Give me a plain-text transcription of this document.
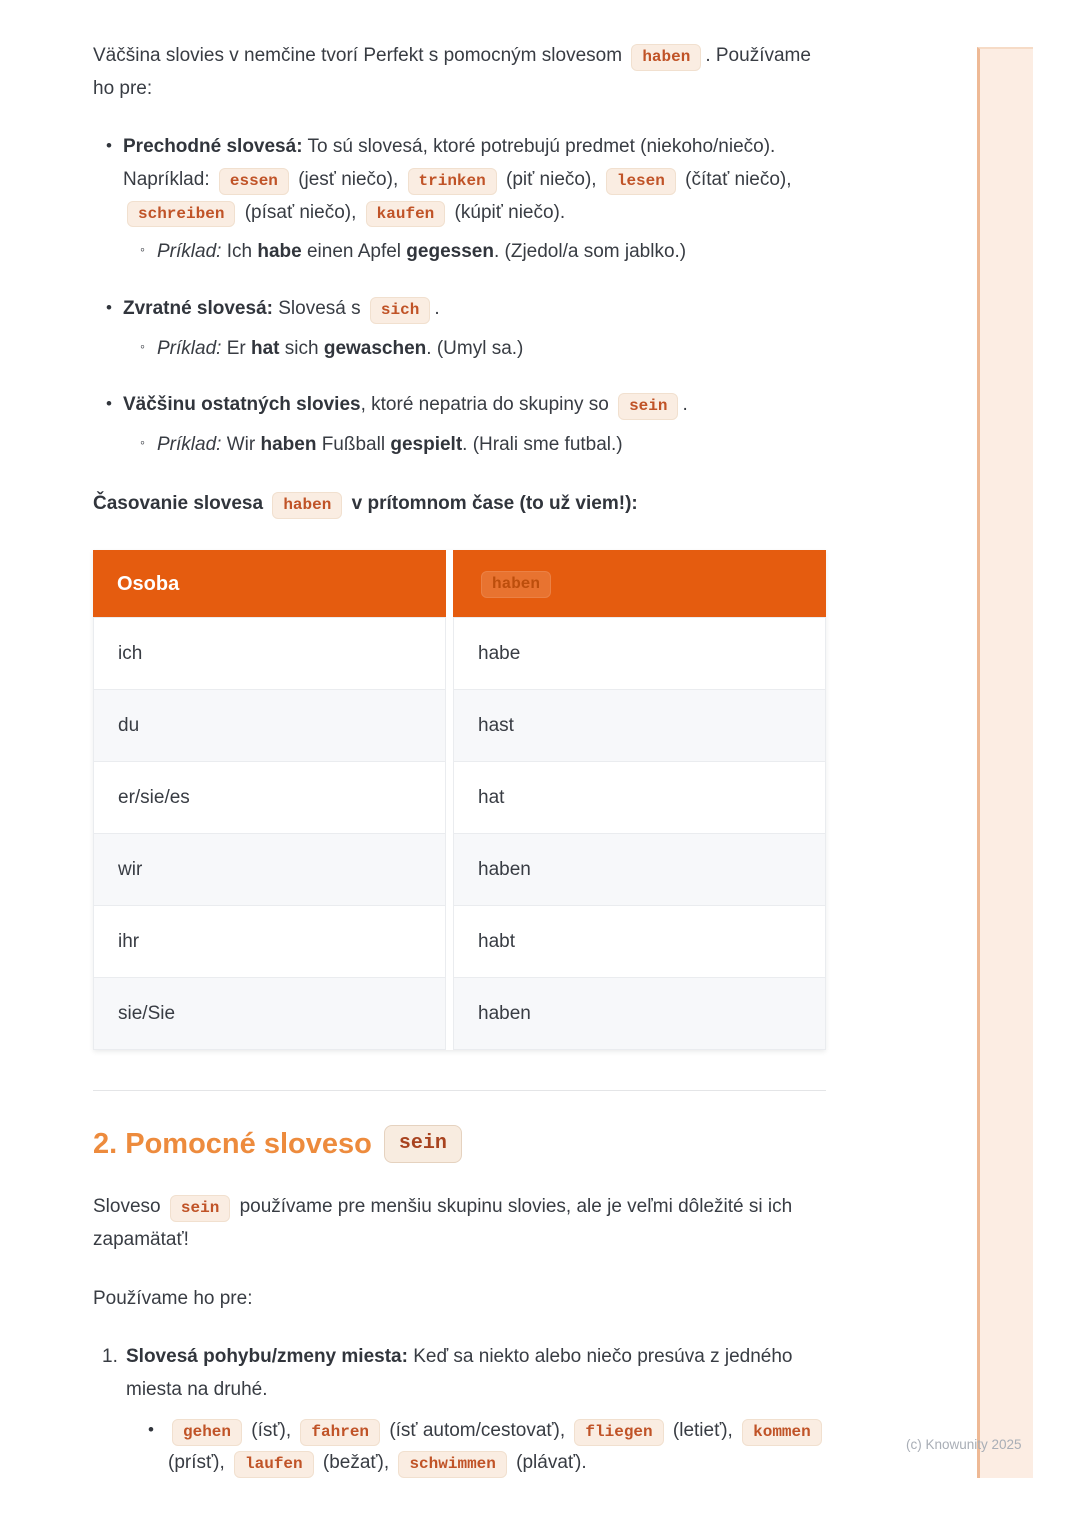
(c) Knowunity 2025

Väčšina slovies v nemčine tvorí Perfekt s pomocným slovesom haben . Používame ho pre:

• Prechodné slovesá: To sú slovesá, ktoré potrebujú predmet (niekoho/niečo). Napríklad: essen (jesť niečo), trinken (piť niečo), lesen (čítať niečo), schreiben (písať niečo), kaufen (kúpiť niečo).
◦ Príklad: Ich habe einen Apfel gegessen. (Zjedol/a som jablko.)
• Zvratné slovesá: Slovesá s sich .
◦ Príklad: Er hat sich gewaschen. (Umyl sa.)
• Väčšinu ostatných slovies, ktoré nepatria do skupiny so sein .
◦ Príklad: Wir haben Fußball gespielt. (Hrali sme futbal.)

Časovanie slovesa haben v prítomnom čase (to už viem!):

Osoba	haben
ich	habe
du	hast
er/sie/es	hat
wir	haben
ihr	habt
sie/Sie	haben
2. Pomocné sloveso	sein

Sloveso sein používame pre menšiu skupinu slovies, ale je veľmi dôležité si ich zapamätať!

Používame ho pre:

1. Slovesá pohybu/zmeny miesta: Keď sa niekto alebo niečo presúva z jedného miesta na druhé.
• gehen (ísť), fahren (ísť autom/cestovať), fliegen (letieť), kommen (prísť), laufen (bežať), schwimmen (plávať).
